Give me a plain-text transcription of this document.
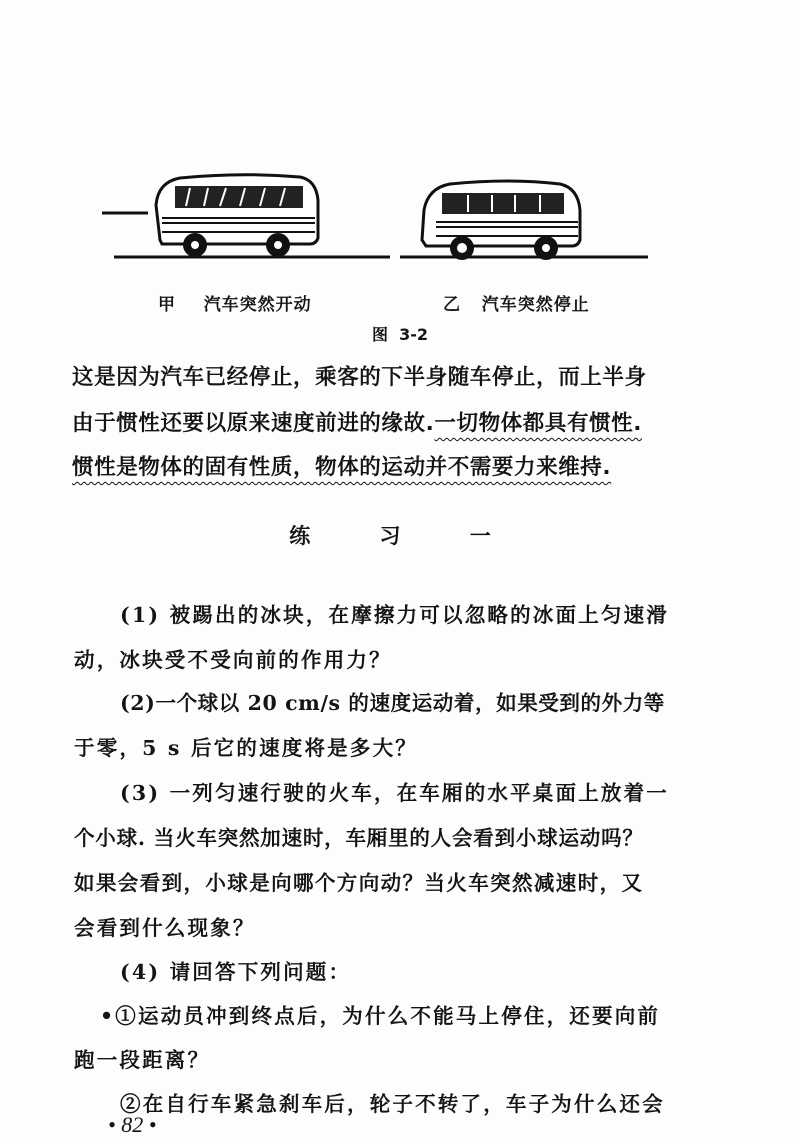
甲 汽车突然开动	乙 汽车突然停止
图  3-2
这是因为汽车已经停止，乘客的下半身随车停止，而上半身
由于惯性还要以原来速度前进的缘故.一切物体都具有惯性.
惯性是物体的固有性质，物体的运动并不需要力来维持.
练 习 一
(1) 被踢出的冰块，在摩擦力可以忽略的冰面上匀速滑
动，冰块受不受向前的作用力？
(2)一个球以 20 cm/s 的速度运动着，如果受到的外力等
于零，5 s 后它的速度将是多大？
(3) 一列匀速行驶的火车，在车厢的水平桌面上放着一
个小球. 当火车突然加速时，车厢里的人会看到小球运动吗？
如果会看到，小球是向哪个方向动？当火车突然减速时，又
会看到什么现象？
(4) 请回答下列问题：
•①运动员冲到终点后，为什么不能马上停住，还要向前
跑一段距离？
②在自行车紧急刹车后，轮子不转了，车子为什么还会
• 82 •
